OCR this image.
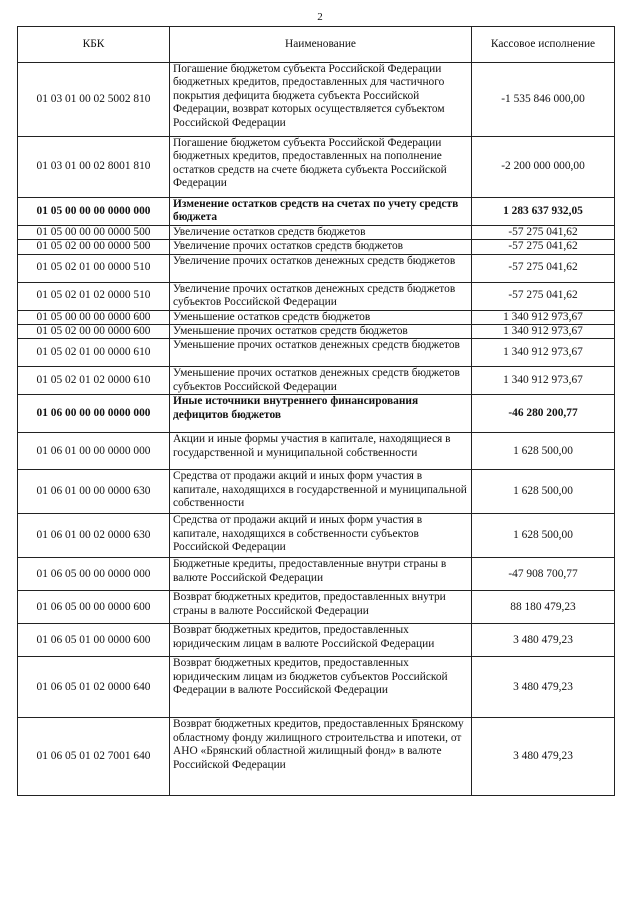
2
КБК	Наименование	Кассовое исполнение
01 03 01 00 02 5002 810	Погашение бюджетом субъекта Российской Федерации бюджетных кредитов, предоставленных для частичного покрытия дефицита бюджета субъекта Российской Федерации, возврат которых осуществляется субъектом Российской Федерации	-1 535 846 000,00
01 03 01 00 02 8001 810	Погашение бюджетом субъекта Российской Федерации бюджетных кредитов, предоставленных на пополнение остатков средств на счете бюджета субъекта Российской Федерации	-2 200 000 000,00
01 05 00 00 00 0000 000	Изменение остатков средств на счетах по учету средств бюджета	1 283 637 932,05
01 05 00 00 00 0000 500	Увеличение остатков средств бюджетов	-57 275 041,62
01 05 02 00 00 0000 500	Увеличение прочих остатков средств бюджетов	-57 275 041,62
01 05 02 01 00 0000 510	Увеличение прочих остатков денежных средств бюджетов	-57 275 041,62
01 05 02 01 02 0000 510	Увеличение прочих остатков денежных средств бюджетов субъектов Российской Федерации	-57 275 041,62
01 05 00 00 00 0000 600	Уменьшение остатков средств бюджетов	1 340 912 973,67
01 05 02 00 00 0000 600	Уменьшение прочих остатков средств бюджетов	1 340 912 973,67
01 05 02 01 00 0000 610	Уменьшение прочих остатков денежных средств бюджетов	1 340 912 973,67
01 05 02 01 02 0000 610	Уменьшение прочих остатков денежных средств бюджетов субъектов Российской Федерации	1 340 912 973,67
01 06 00 00 00 0000 000	Иные источники внутреннего финансирования дефицитов бюджетов	-46 280 200,77
01 06 01 00 00 0000 000	Акции и иные формы участия в капитале, находящиеся в государственной и муниципальной собственности	1 628 500,00
01 06 01 00 00 0000 630	Средства от продажи акций и иных форм участия в капитале, находящихся в государственной и муниципальной собственности	1 628 500,00
01 06 01 00 02 0000 630	Средства от продажи акций и иных форм участия в капитале, находящихся в собственности субъектов Российской Федерации	1 628 500,00
01 06 05 00 00 0000 000	Бюджетные кредиты, предоставленные внутри страны в валюте Российской Федерации	-47 908 700,77
01 06 05 00 00 0000 600	Возврат бюджетных кредитов, предоставленных внутри страны в валюте Российской Федерации	88 180 479,23
01 06 05 01 00 0000 600	Возврат бюджетных кредитов, предоставленных юридическим лицам в валюте Российской Федерации	3 480 479,23
01 06 05 01 02 0000 640	Возврат бюджетных кредитов, предоставленных юридическим лицам из бюджетов субъектов Российской Федерации в валюте Российской Федерации	3 480 479,23
01 06 05 01 02 7001 640	Возврат бюджетных кредитов, предоставленных Брянскому областному фонду жилищного строительства и ипотеки, от АНО «Брянский областной жилищный фонд» в валюте Российской Федерации	3 480 479,23
